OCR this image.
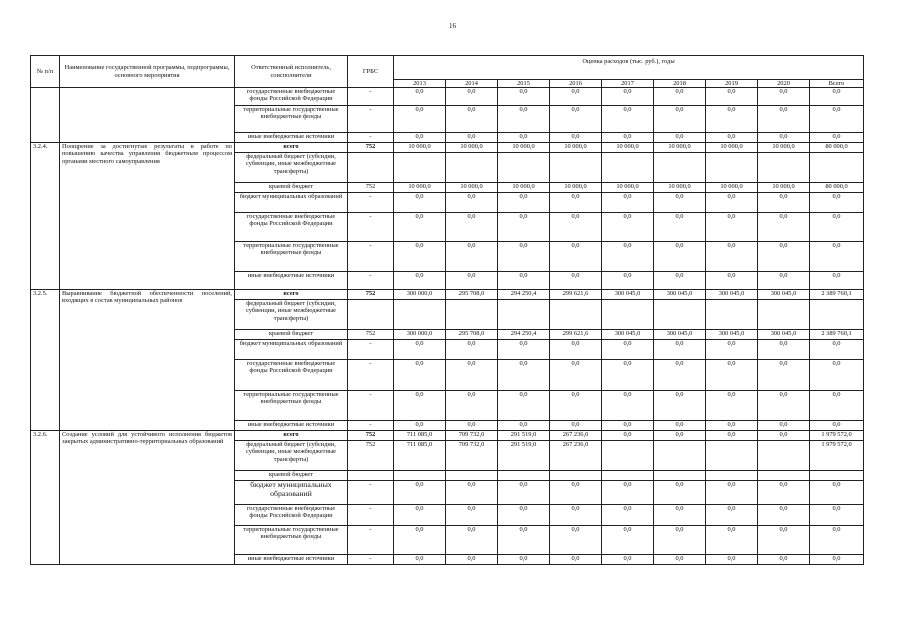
16
№ п/п	Наименование государственной программы, подпрограммы, основного мероприятия	Ответственный исполнитель, соисполнители	ГРБС	Оценка расходов (тыс. руб.), годы								
				2013	2014	2015	2016	2017	2018	2019	2020	Всего
		государственные внебюджетные фонды Российской Федерации	-	0,0	0,0	0,0	0,0	0,0	0,0	0,0	0,0	0,0
		территориальные государственные внебюджетные фонды	-	0,0	0,0	0,0	0,0	0,0	0,0	0,0	0,0	0,0
		иные внебюджетные источники	-	0,0	0,0	0,0	0,0	0,0	0,0	0,0	0,0	0,0
3.2.4.	Поощрение за достигнутые результаты в работе по повышению качества управления бюджетным процессом органами местного самоуправления	всего	752	10 000,0	10 000,0	10 000,0	10 000,0	10 000,0	10 000,0	10 000,0	10 000,0	80 000,0
		федеральный бюджет (субсидии, субвенции, иные межбюджетные трансферты)										
		краевой бюджет	752	10 000,0	10 000,0	10 000,0	10 000,0	10 000,0	10 000,0	10 000,0	10 000,0	80 000,0
		бюджет муниципальных образований	-	0,0	0,0	0,0	0,0	0,0	0,0	0,0	0,0	0,0
		государственные внебюджетные фонды Российской Федерации	-	0,0	0,0	0,0	0,0	0,0	0,0	0,0	0,0	0,0
		территориальные государственные внебюджетные фонды	-	0,0	0,0	0,0	0,0	0,0	0,0	0,0	0,0	0,0
		иные внебюджетные источники	-	0,0	0,0	0,0	0,0	0,0	0,0	0,0	0,0	0,0
3.2.5.	Выравнивание бюджетной обеспеченности поселений, входящих в состав муниципальных районов	всего	752	300 000,0	295 708,0	294 250,4	299 621,6	300 045,0	300 045,0	300 045,0	300 045,0	2 389 760,1
		федеральный бюджет (субсидии, субвенции, иные межбюджетные трансферты)										
		краевой бюджет	752	300 000,0	295 708,0	294 250,4	299 621,6	300 045,0	300 045,0	300 045,0	300 045,0	2 389 760,1
		бюджет муниципальных образований	-	0,0	0,0	0,0	0,0	0,0	0,0	0,0	0,0	0,0
		государственные внебюджетные фонды Российской Федерации	-	0,0	0,0	0,0	0,0	0,0	0,0	0,0	0,0	0,0
		территориальные государственные внебюджетные фонды	-	0,0	0,0	0,0	0,0	0,0	0,0	0,0	0,0	0,0
		иные внебюджетные источники	-	0,0	0,0	0,0	0,0	0,0	0,0	0,0	0,0	0,0
3.2.6.	Создание условий для устойчивого исполнения бюджетов закрытых административно-территориальных образований	всего	752	711 085,0	709 732,0	291 519,0	267 236,0	0,0	0,0	0,0	0,0	1 979 572,0
		федеральный бюджет (субсидии, субвенции, иные межбюджетные трансферты)	752	711 085,0	709 732,0	291 519,0	267 236,0					1 979 572,0
		краевой бюджет										
		бюджет муниципальных образований	-	0,0	0,0	0,0	0,0	0,0	0,0	0,0	0,0	0,0
		государственные внебюджетные фонды Российской Федерации	-	0,0	0,0	0,0	0,0	0,0	0,0	0,0	0,0	0,0
		территориальные государственные внебюджетные фонды	-	0,0	0,0	0,0	0,0	0,0	0,0	0,0	0,0	0,0
		иные внебюджетные источники	-	0,0	0,0	0,0	0,0	0,0	0,0	0,0	0,0	0,0
